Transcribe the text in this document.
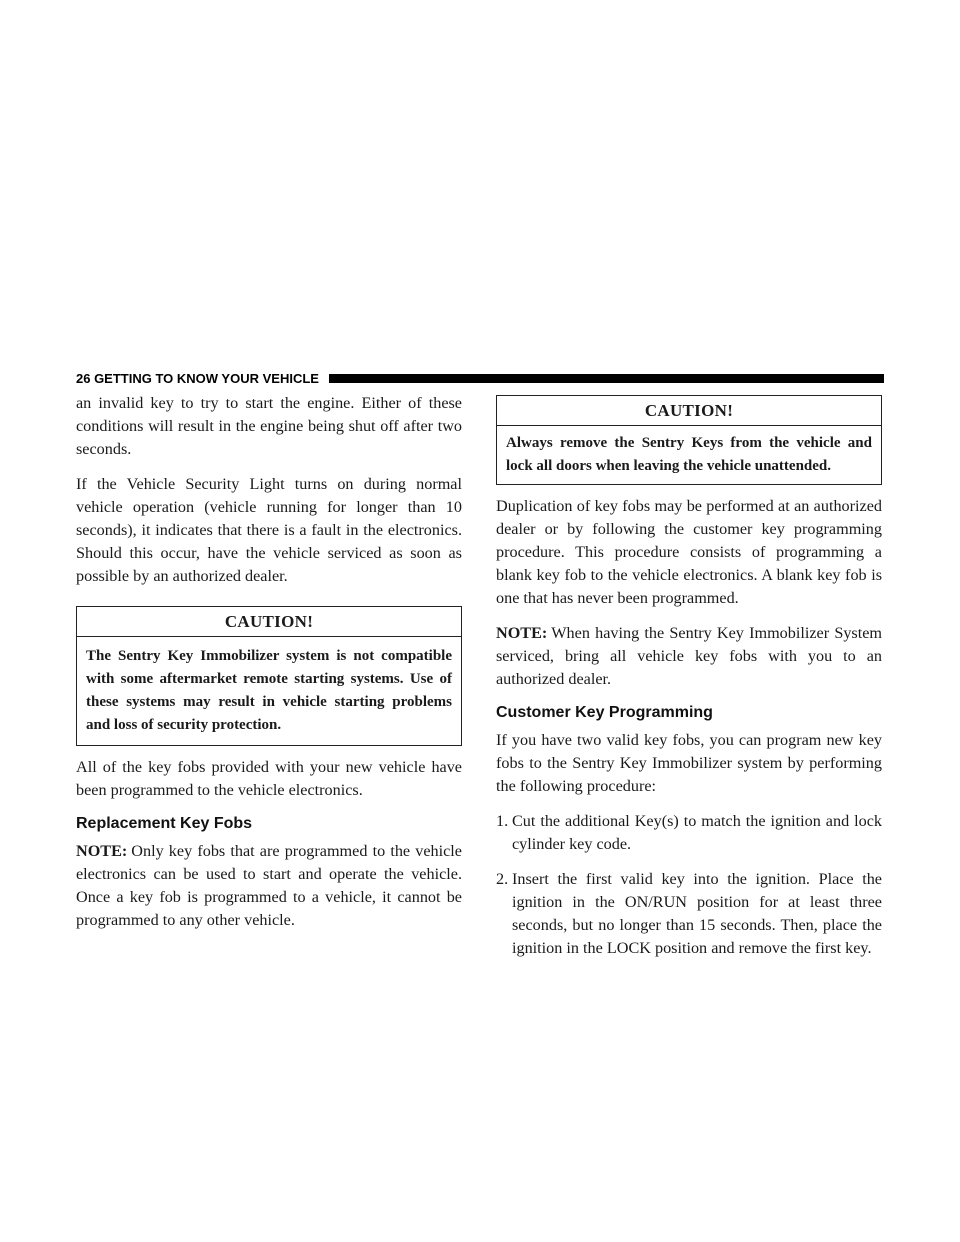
26 GETTING TO KNOW YOUR VEHICLE

an invalid key to try to start the engine. Either of these conditions will result in the engine being shut off after two seconds.

If the Vehicle Security Light turns on during normal vehicle operation (vehicle running for longer than 10 seconds), it indicates that there is a fault in the electronics. Should this occur, have the vehicle serviced as soon as possible by an authorized dealer.

CAUTION!
The Sentry Key Immobilizer system is not compatible with some aftermarket remote starting systems. Use of these systems may result in vehicle starting problems and loss of security protection.

All of the key fobs provided with your new vehicle have been programmed to the vehicle electronics.

Replacement Key Fobs

NOTE: Only key fobs that are programmed to the vehicle electronics can be used to start and operate the vehicle. Once a key fob is programmed to a vehicle, it cannot be programmed to any other vehicle.

CAUTION!
Always remove the Sentry Keys from the vehicle and lock all doors when leaving the vehicle unattended.

Duplication of key fobs may be performed at an authorized dealer or by following the customer key programming procedure. This procedure consists of programming a blank key fob to the vehicle electronics. A blank key fob is one that has never been programmed.

NOTE: When having the Sentry Key Immobilizer System serviced, bring all vehicle key fobs with you to an authorized dealer.

Customer Key Programming

If you have two valid key fobs, you can program new key fobs to the Sentry Key Immobilizer system by performing the following procedure:

1. Cut the additional Key(s) to match the ignition and lock cylinder key code.
2. Insert the first valid key into the ignition. Place the ignition in the ON/RUN position for at least three seconds, but no longer than 15 seconds. Then, place the ignition in the LOCK position and remove the first key.
